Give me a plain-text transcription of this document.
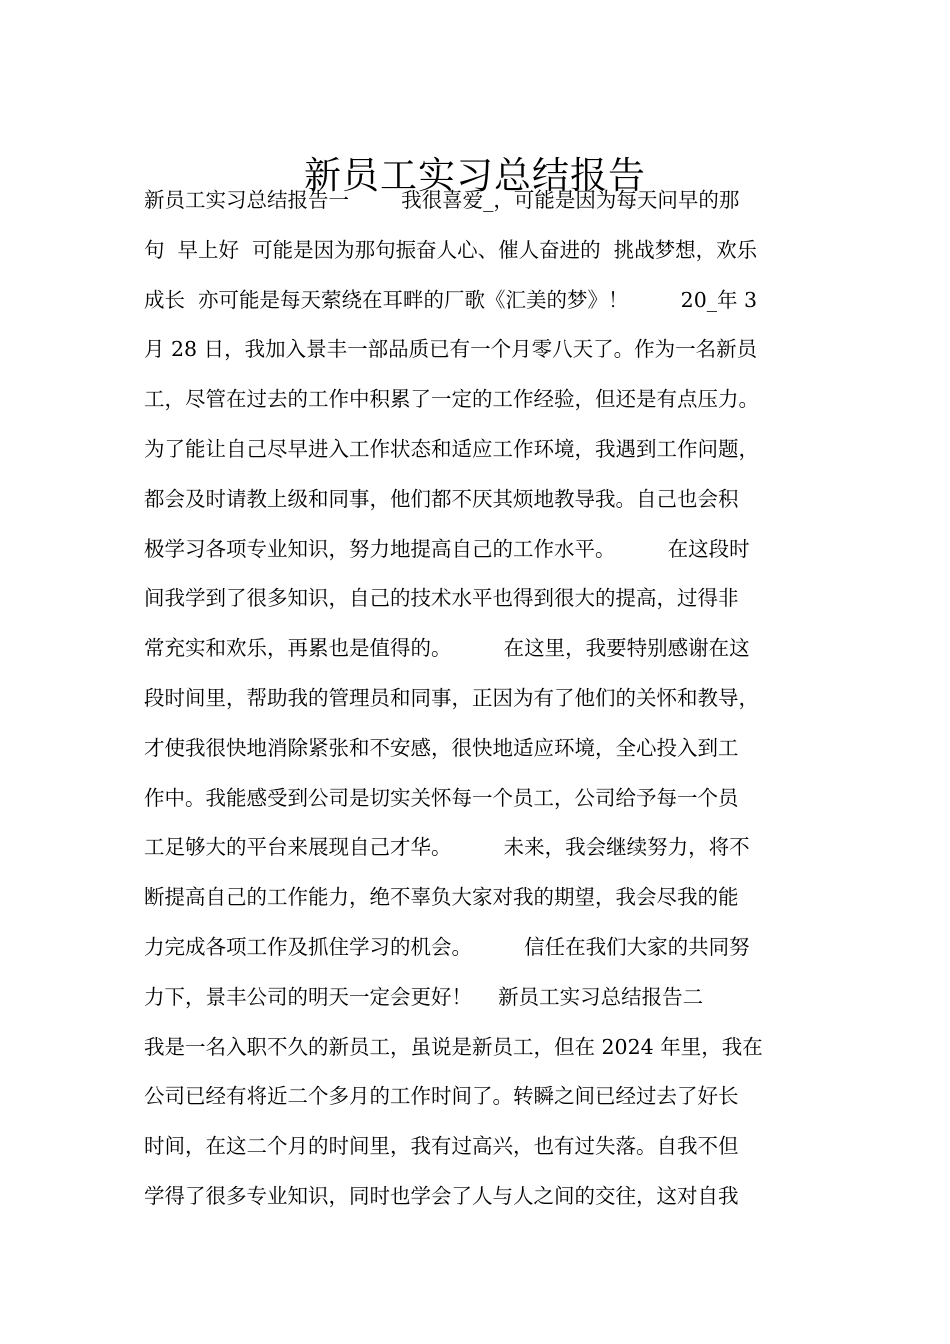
新员工实习总结报告
新员工实习总结报告一        我很喜爱_，可能是因为每天问早的那
句  早上好  可能是因为那句振奋人心、催人奋进的  挑战梦想，欢乐
成长  亦可能是每天萦绕在耳畔的厂歌《汇美的梦》！        20_年 3
月 28 日，我加入景丰一部品质已有一个月零八天了。作为一名新员
工，尽管在过去的工作中积累了一定的工作经验，但还是有点压力。
为了能让自己尽早进入工作状态和适应工作环境，我遇到工作问题，
都会及时请教上级和同事，他们都不厌其烦地教导我。自己也会积
极学习各项专业知识，努力地提高自己的工作水平。        在这段时
间我学到了很多知识，自己的技术水平也得到很大的提高，过得非
常充实和欢乐，再累也是值得的。        在这里，我要特别感谢在这
段时间里，帮助我的管理员和同事，正因为有了他们的关怀和教导，
才使我很快地消除紧张和不安感，很快地适应环境，全心投入到工
作中。我能感受到公司是切实关怀每一个员工，公司给予每一个员
工足够大的平台来展现自己才华。        未来，我会继续努力，将不
断提高自己的工作能力，绝不辜负大家对我的期望，我会尽我的能
力完成各项工作及抓住学习的机会。        信任在我们大家的共同努
力下，景丰公司的明天一定会更好！    新员工实习总结报告二
我是一名入职不久的新员工，虽说是新员工，但在 2024 年里，我在
公司已经有将近二个多月的工作时间了。转瞬之间已经过去了好长
时间，在这二个月的时间里，我有过高兴，也有过失落。自我不但
学得了很多专业知识，同时也学会了人与人之间的交往，这对自我
